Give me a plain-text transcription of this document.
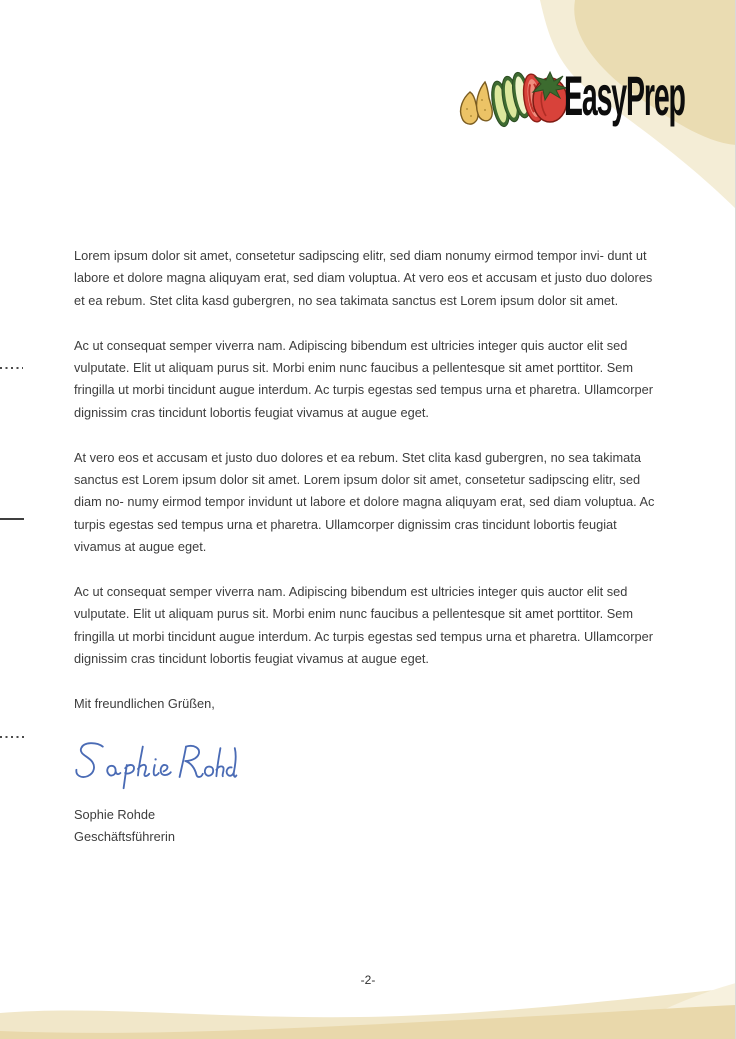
EasyPrep

Lorem ipsum dolor sit amet, consetetur sadipscing elitr, sed diam nonumy eirmod tempor invi- dunt ut labore et dolore magna aliquyam erat, sed diam voluptua. At vero eos et accusam et justo duo dolores et ea rebum. Stet clita kasd gubergren, no sea takimata sanctus est Lorem ipsum dolor sit amet.

Ac ut consequat semper viverra nam. Adipiscing bibendum est ultricies integer quis auctor elit sed vulputate. Elit ut aliquam purus sit. Morbi enim nunc faucibus a pellentesque sit amet porttitor. Sem fringilla ut morbi tincidunt augue interdum. Ac turpis egestas sed tempus urna et pharetra. Ullamcorper dignissim cras tincidunt lobortis feugiat vivamus at augue eget.

At vero eos et accusam et justo duo dolores et ea rebum. Stet clita kasd gubergren, no sea takimata sanctus est Lorem ipsum dolor sit amet. Lorem ipsum dolor sit amet, consetetur sadipscing elitr, sed diam no- numy eirmod tempor invidunt ut labore et dolore magna aliquyam erat, sed diam voluptua. Ac turpis egestas sed tempus urna et pharetra. Ullamcorper dignissim cras tincidunt lobortis feugiat vivamus at augue eget.

Ac ut consequat semper viverra nam. Adipiscing bibendum est ultricies integer quis auctor elit sed vulputate. Elit ut aliquam purus sit. Morbi enim nunc faucibus a pellentesque sit amet porttitor. Sem fringilla ut morbi tincidunt augue interdum. Ac turpis egestas sed tempus urna et pharetra. Ullamcorper dignissim cras tincidunt lobortis feugiat vivamus at augue eget.

Mit freundlichen Grüßen,

Sophie Rohde
Geschäftsführerin
-2-
